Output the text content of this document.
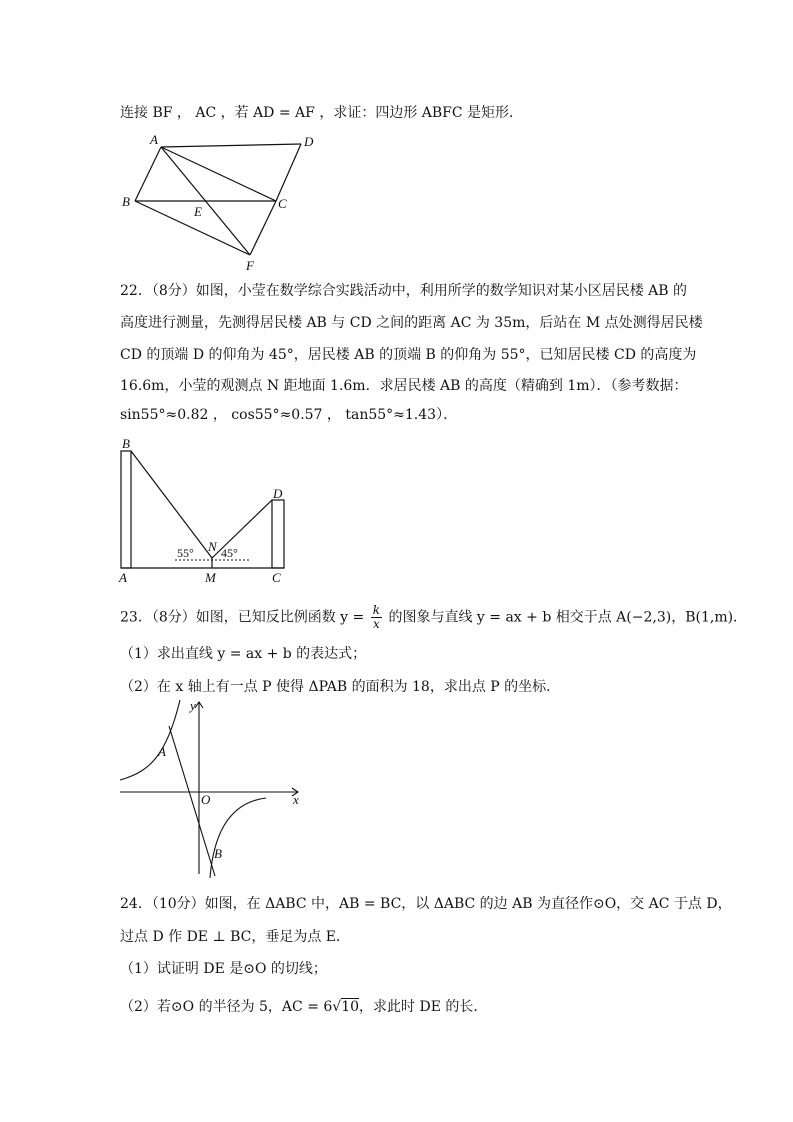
连接 BF ， AC ，若 AD = AF ，求证：四边形 ABFC 是矩形．
A	D
B	C
E
F
22．（8分）如图，小莹在数学综合实践活动中，利用所学的数学知识对某小区居民楼 AB 的
高度进行测量，先测得居民楼 AB 与 CD 之间的距离 AC 为 35m，后站在 M 点处测得居民楼
CD 的顶端 D 的仰角为 45°，居民楼 AB 的顶端 B 的仰角为 55°，已知居民楼 CD 的高度为
16.6m，小莹的观测点 N 距地面 1.6m．求居民楼 AB 的高度（精确到 1m）．（参考数据：
sin55°≈0.82 ， cos55°≈0.57 ， tan55°≈1.43）．
B
D
N
55° 45°
A	M	C
23．（8分）如图，已知反比例函数 $y = \frac{k}{x}$ 的图象与直线 y = ax + b 相交于点 A(−2,3)，B(1,m)．
（1）求出直线 y = ax + b 的表达式；
（2）在 x 轴上有一点 P 使得 ΔPAB 的面积为 18，求出点 P 的坐标．
y
x
O
A
B
24．（10分）如图，在 ΔABC 中，AB = BC，以 ΔABC 的边 AB 为直径作⊙O，交 AC 于点 D，
过点 D 作 DE ⊥ BC，垂足为点 E．
（1）试证明 DE 是⊙O 的切线；
（2）若⊙O 的半径为 5，AC = 6√10，求此时 DE 的长．
